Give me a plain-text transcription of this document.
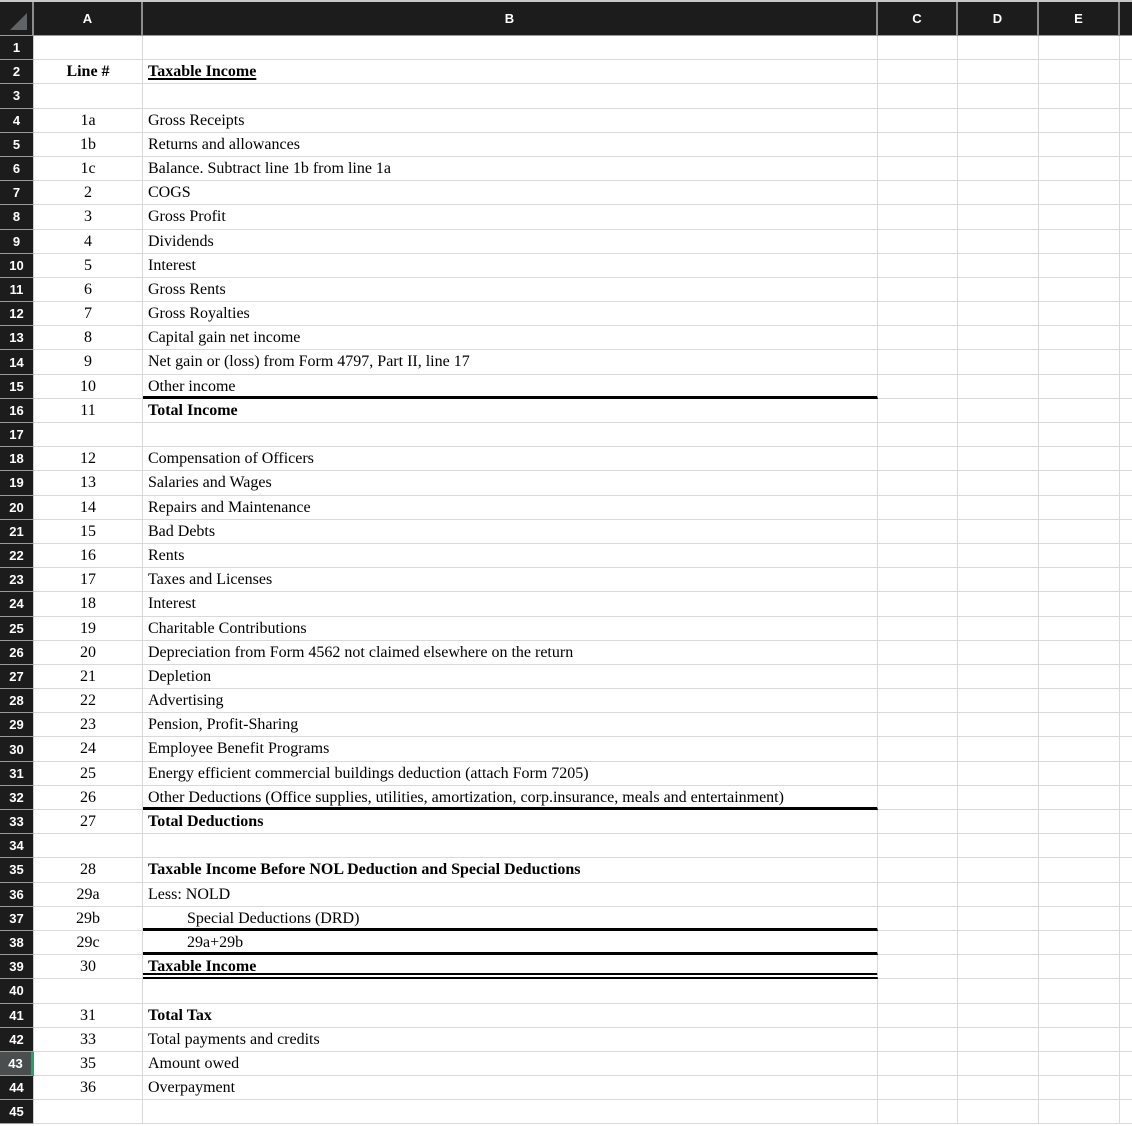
A	B	C	D	E
1
2	Line #	Taxable Income
3
4	1a	Gross Receipts
5	1b	Returns and allowances
6	1c	Balance. Subtract line 1b from line 1a
7	2	COGS
8	3	Gross Profit
9	4	Dividends
10	5	Interest
11	6	Gross Rents
12	7	Gross Royalties
13	8	Capital gain net income
14	9	Net gain or (loss) from Form 4797, Part II, line 17
15	10	Other income
16	11	Total Income
17
18	12	Compensation of Officers
19	13	Salaries and Wages
20	14	Repairs and Maintenance
21	15	Bad Debts
22	16	Rents
23	17	Taxes and Licenses
24	18	Interest
25	19	Charitable Contributions
26	20	Depreciation from Form 4562 not claimed elsewhere on the return
27	21	Depletion
28	22	Advertising
29	23	Pension, Profit-Sharing
30	24	Employee Benefit Programs
31	25	Energy efficient commercial buildings deduction (attach Form 7205)
32	26	Other Deductions (Office supplies, utilities, amortization, corp.insurance, meals and entertainment)
33	27	Total Deductions
34
35	28	Taxable Income Before NOL Deduction and Special Deductions
36	29a	Less: NOLD
37	29b	Special Deductions (DRD)
38	29c	29a+29b
39	30	Taxable Income
40
41	31	Total Tax
42	33	Total payments and credits
43	35	Amount owed
44	36	Overpayment
45
